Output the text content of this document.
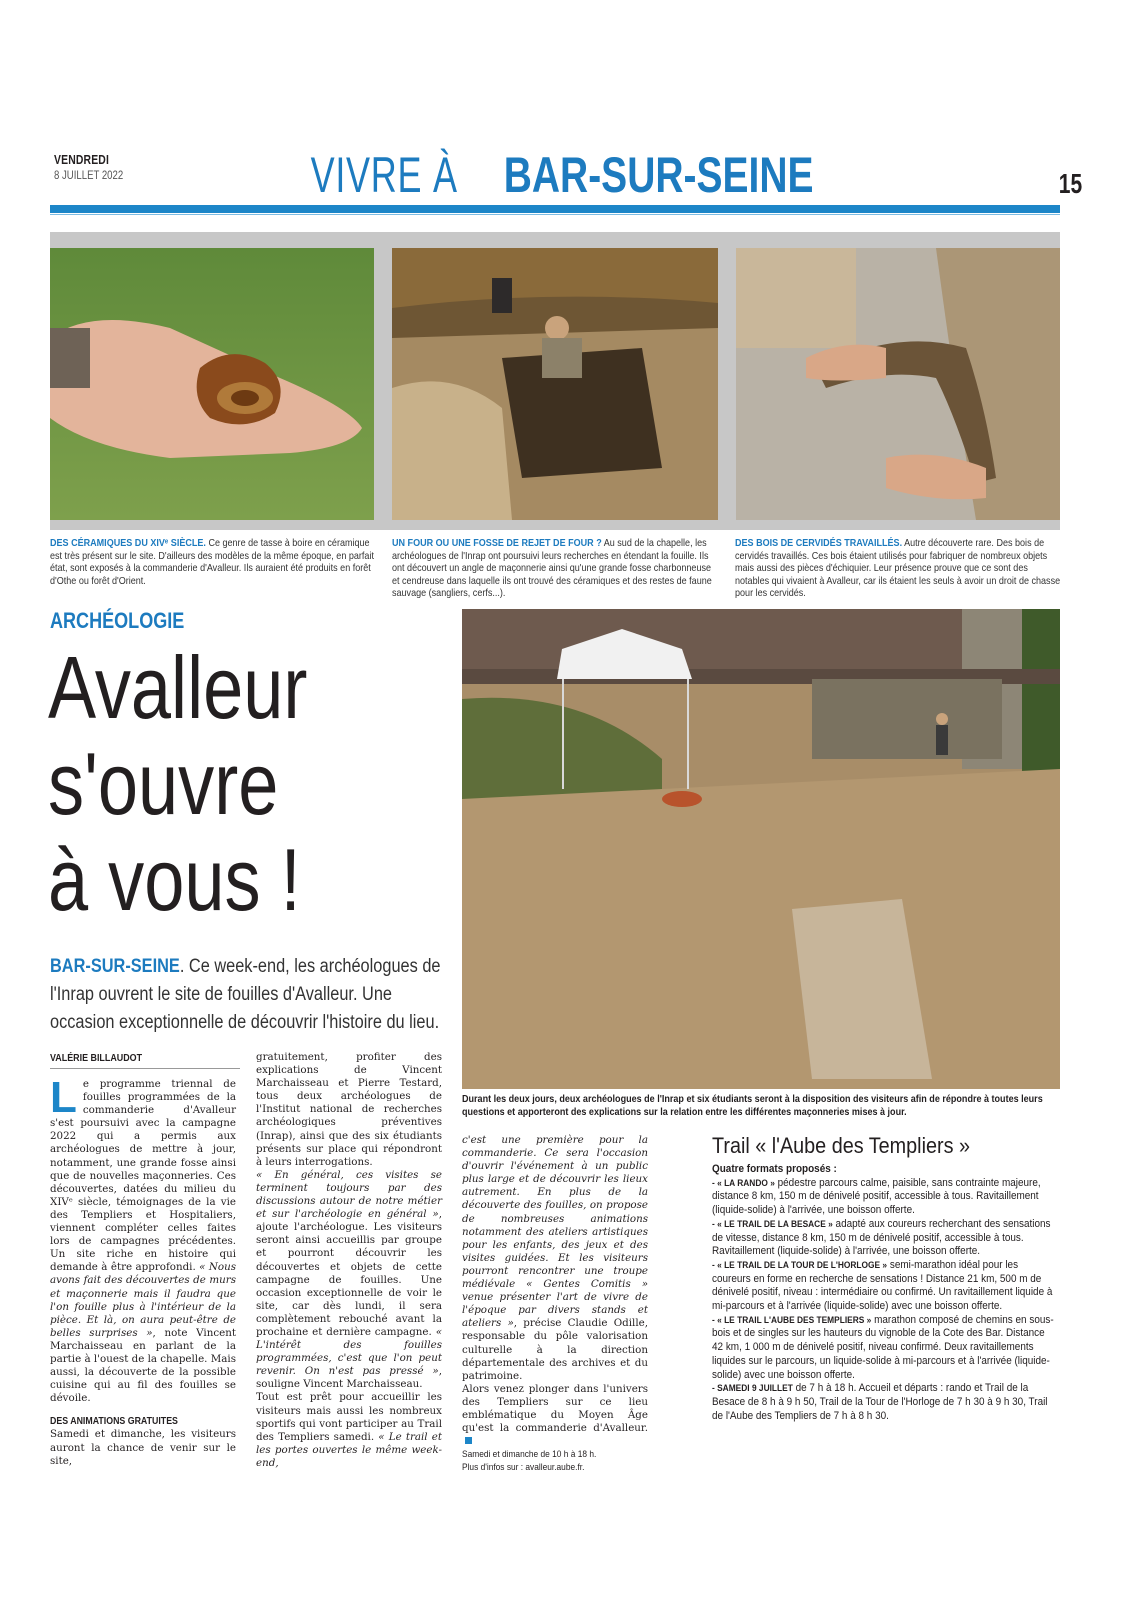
VENDREDI
8 JUILLET 2022	VIVRE À BAR-SUR-SEINE	15
DES CÉRAMIQUES DU XIVᵉ SIÈCLE. Ce genre de tasse à boire en céramique est très présent sur le site. D'ailleurs des modèles de la même époque, en parfait état, sont exposés à la commanderie d'Avalleur. Ils auraient été produits en forêt d'Othe ou forêt d'Orient.
UN FOUR OU UNE FOSSE DE REJET DE FOUR ? Au sud de la chapelle, les archéologues de l'Inrap ont poursuivi leurs recherches en étendant la fouille. Ils ont découvert un angle de maçonnerie ainsi qu'une grande fosse charbonneuse et cendreuse dans laquelle ils ont trouvé des céramiques et des restes de faune sauvage (sangliers, cerfs...).
DES BOIS DE CERVIDÉS TRAVAILLÉS. Autre découverte rare. Des bois de cervidés travaillés. Ces bois étaient utilisés pour fabriquer de nombreux objets mais aussi des pièces d'échiquier. Leur présence prouve que ce sont des notables qui vivaient à Avalleur, car ils étaient les seuls à avoir un droit de chasse pour les cervidés.
ARCHÉOLOGIE
Avalleur
s'ouvre
à vous !
BAR-SUR-SEINE. Ce week-end, les archéologues de l'Inrap ouvrent le site de fouilles d'Avalleur. Une occasion exceptionnelle de découvrir l'histoire du lieu.
Durant les deux jours, deux archéologues de l'Inrap et six étudiants seront à la disposition des visiteurs afin de répondre à toutes leurs questions et apporteront des explications sur la relation entre les différentes maçonneries mises à jour.
VALÉRIE BILLAUDOT
Le programme triennal de fouilles programmées de la commanderie d'Avalleur s'est poursuivi avec la campagne 2022 qui a permis aux archéologues de mettre à jour, notamment, une grande fosse ainsi que de nouvelles maçonneries. Ces découvertes, datées du milieu du XIVᵉ siècle, témoignages de la vie des Templiers et Hospitaliers, viennent compléter celles faites lors de campagnes précédentes. Un site riche en histoire qui demande à être approfondi. « Nous avons fait des découvertes de murs et maçonnerie mais il faudra que l'on fouille plus à l'intérieur de la pièce. Et là, on aura peut-être de belles surprises », note Vincent Marchaisseau en parlant de la partie à l'ouest de la chapelle. Mais aussi, la découverte de la possible cuisine qui au fil des fouilles se dévoile.
DES ANIMATIONS GRATUITES
Samedi et dimanche, les visiteurs auront la chance de venir sur le site,
gratuitement, profiter des explications de Vincent Marchaisseau et Pierre Testard, tous deux archéologues de l'Institut national de recherches archéologiques préventives (Inrap), ainsi que des six étudiants présents sur place qui répondront à leurs interrogations.
« En général, ces visites se terminent toujours par des discussions autour de notre métier et sur l'archéologie en général », ajoute l'archéologue. Les visiteurs seront ainsi accueillis par groupe et pourront découvrir les découvertes et objets de cette campagne de fouilles. Une occasion exceptionnelle de voir le site, car dès lundi, il sera complètement rebouché avant la prochaine et dernière campagne. « L'intérêt des fouilles programmées, c'est que l'on peut revenir. On n'est pas pressé », souligne Vincent Marchaisseau.
Tout est prêt pour accueillir les visiteurs mais aussi les nombreux sportifs qui vont participer au Trail des Templiers samedi. « Le trail et les portes ouvertes le même week-end,
c'est une première pour la commanderie. Ce sera l'occasion d'ouvrir l'événement à un public plus large et de découvrir les lieux autrement. En plus de la découverte des fouilles, on propose de nombreuses animations notamment des ateliers artistiques pour les enfants, des jeux et des visites guidées. Et les visiteurs pourront rencontrer une troupe médiévale « Gentes Comitis » venue présenter l'art de vivre de l'époque par divers stands et ateliers », précise Claudie Odille, responsable du pôle valorisation culturelle à la direction départementale des archives et du patrimoine.
Alors venez plonger dans l'univers des Templiers sur ce lieu emblématique du Moyen Âge qu'est la commanderie d'Avalleur.
Samedi et dimanche de 10 h à 18 h.
Plus d'infos sur : avalleur.aube.fr.
Trail « l'Aube des Templiers »
Quatre formats proposés :
- « LA RANDO » pédestre parcours calme, paisible, sans contrainte majeure, distance 8 km, 150 m de dénivelé positif, accessible à tous. Ravitaillement (liquide-solide) à l'arrivée, une boisson offerte.
- « LE TRAIL DE LA BESACE » adapté aux coureurs recherchant des sensations de vitesse, distance 8 km, 150 m de dénivelé positif, accessible à tous. Ravitaillement (liquide-solide) à l'arrivée, une boisson offerte.
- « LE TRAIL DE LA TOUR DE L'HORLOGE » semi-marathon idéal pour les coureurs en forme en recherche de sensations ! Distance 21 km, 500 m de dénivelé positif, niveau : intermédiaire ou confirmé. Un ravitaillement liquide à mi-parcours et à l'arrivée (liquide-solide) avec une boisson offerte.
- « LE TRAIL L'AUBE DES TEMPLIERS » marathon composé de chemins en sous-bois et de singles sur les hauteurs du vignoble de la Cote des Bar. Distance 42 km, 1 000 m de dénivelé positif, niveau confirmé. Deux ravitaillements liquides sur le parcours, un liquide-solide à mi-parcours et à l'arrivée (liquide-solide) avec une boisson offerte.
- SAMEDI 9 JUILLET de 7 h à 18 h. Accueil et départs : rando et Trail de la Besace de 8 h à 9 h 50, Trail de la Tour de l'Horloge de 7 h 30 à 9 h 30, Trail de l'Aube des Templiers de 7 h à 8 h 30.
